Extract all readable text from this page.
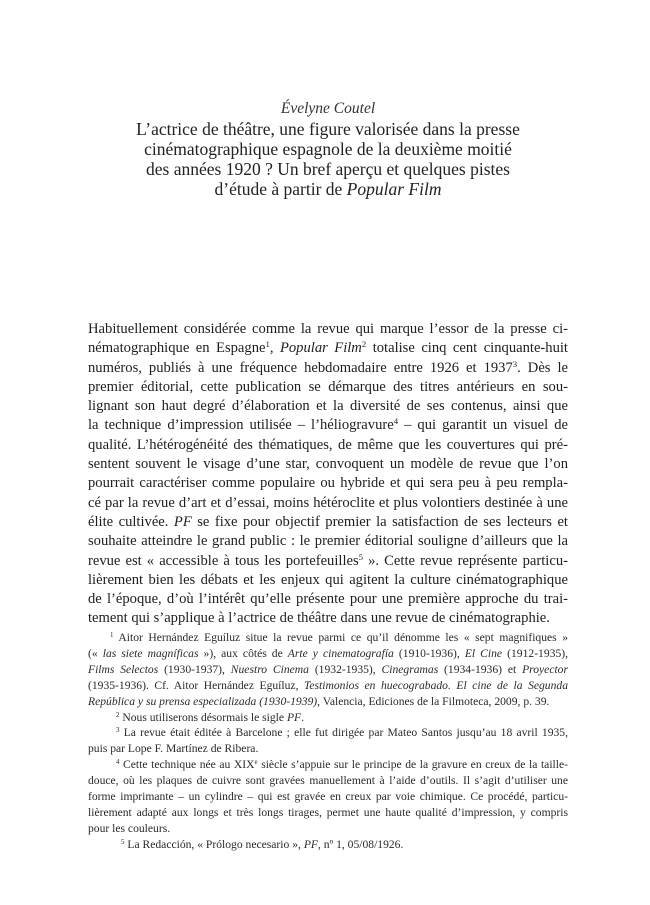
Évelyne Coutel
L’actrice de théâtre, une figure valorisée dans la presse
cinématographique espagnole de la deuxième moitié
des années 1920 ? Un bref aperçu et quelques pistes
d’étude à partir de Popular Film
Habituellement considérée comme la revue qui marque l’essor de la presse ci-
nématographique en Espagne$^1$, Popular Film$^2$ totalise cinq cent cinquante-huit
numéros, publiés à une fréquence hebdomadaire entre 1926 et 1937$^3$. Dès le
premier éditorial, cette publication se démarque des titres antérieurs en sou-
lignant son haut degré d’élaboration et la diversité de ses contenus, ainsi que
la technique d’impression utilisée – l’héliogravure$^4$ – qui garantit un visuel de
qualité. L’hétérogénéité des thématiques, de même que les couvertures qui pré-
sentent souvent le visage d’une star, convoquent un modèle de revue que l’on
pourrait caractériser comme populaire ou hybride et qui sera peu à peu rempla-
cé par la revue d’art et d’essai, moins hétéroclite et plus volontiers destinée à une
élite cultivée. PF se fixe pour objectif premier la satisfaction de ses lecteurs et
souhaite atteindre le grand public : le premier éditorial souligne d’ailleurs que la
revue est « accessible à tous les portefeuilles$^5$ ». Cette revue représente particu-
lièrement bien les débats et les enjeux qui agitent la culture cinématographique
de l’époque, d’où l’intérêt qu’elle présente pour une première approche du trai-
tement qui s’applique à l’actrice de théâtre dans une revue de cinématographie.
$^1$ Aitor Hernández Eguíluz situe la revue parmi ce qu’il dénomme les « sept magnifiques »
(« las siete magníficas »), aux côtés de Arte y cinematografía (1910-1936), El Cine (1912-1935),
Films Selectos (1930-1937), Nuestro Cinema (1932-1935), Cinegramas (1934-1936) et Proyector
(1935-1936). Cf. Aitor Hernández Eguíluz, Testimonios en huecograbado. El cine de la Segunda
República y su prensa especializada (1930-1939), Valencia, Ediciones de la Filmoteca, 2009, p. 39.
$^2$ Nous utiliserons désormais le sigle PF.
$^3$ La revue était éditée à Barcelone ; elle fut dirigée par Mateo Santos jusqu’au 18 avril 1935,
puis par Lope F. Martínez de Ribera.
$^4$ Cette technique née au XIXe siècle s’appuie sur le principe de la gravure en creux de la taille-
douce, où les plaques de cuivre sont gravées manuellement à l’aide d’outils. Il s’agit d’utiliser une
forme imprimante – un cylindre – qui est gravée en creux par voie chimique. Ce procédé, particu-
lièrement adapté aux longs et très longs tirages, permet une haute qualité d’impression, y compris
pour les couleurs.
$^5$ La Redacción, « Prólogo necesario », PF, nº 1, 05/08/1926.
